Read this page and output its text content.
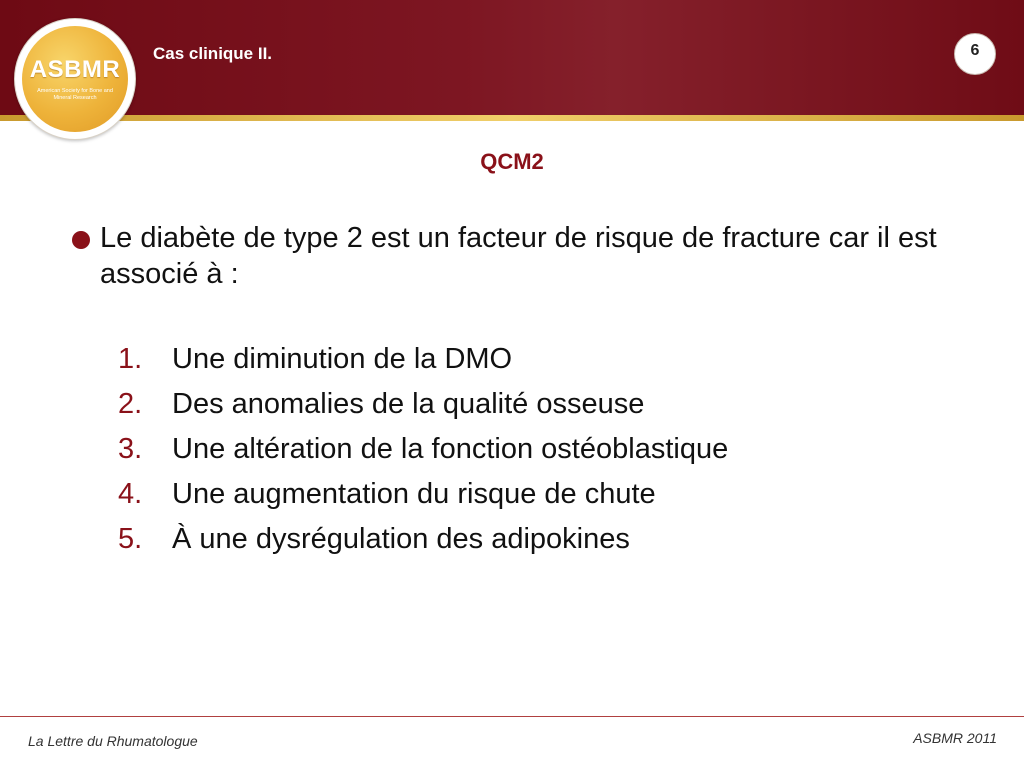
ASBMR
American Society for Bone and Mineral Research
Cas clinique II.	6
QCM2
Le diabète de type 2 est un facteur de risque de fracture car il est associé à :
1. Une diminution de la DMO
2. Des anomalies de la qualité osseuse
3. Une altération de la fonction ostéoblastique
4. Une augmentation du risque de chute
5. À une dysrégulation des adipokines
La Lettre du Rhumatologue	ASBMR 2011
